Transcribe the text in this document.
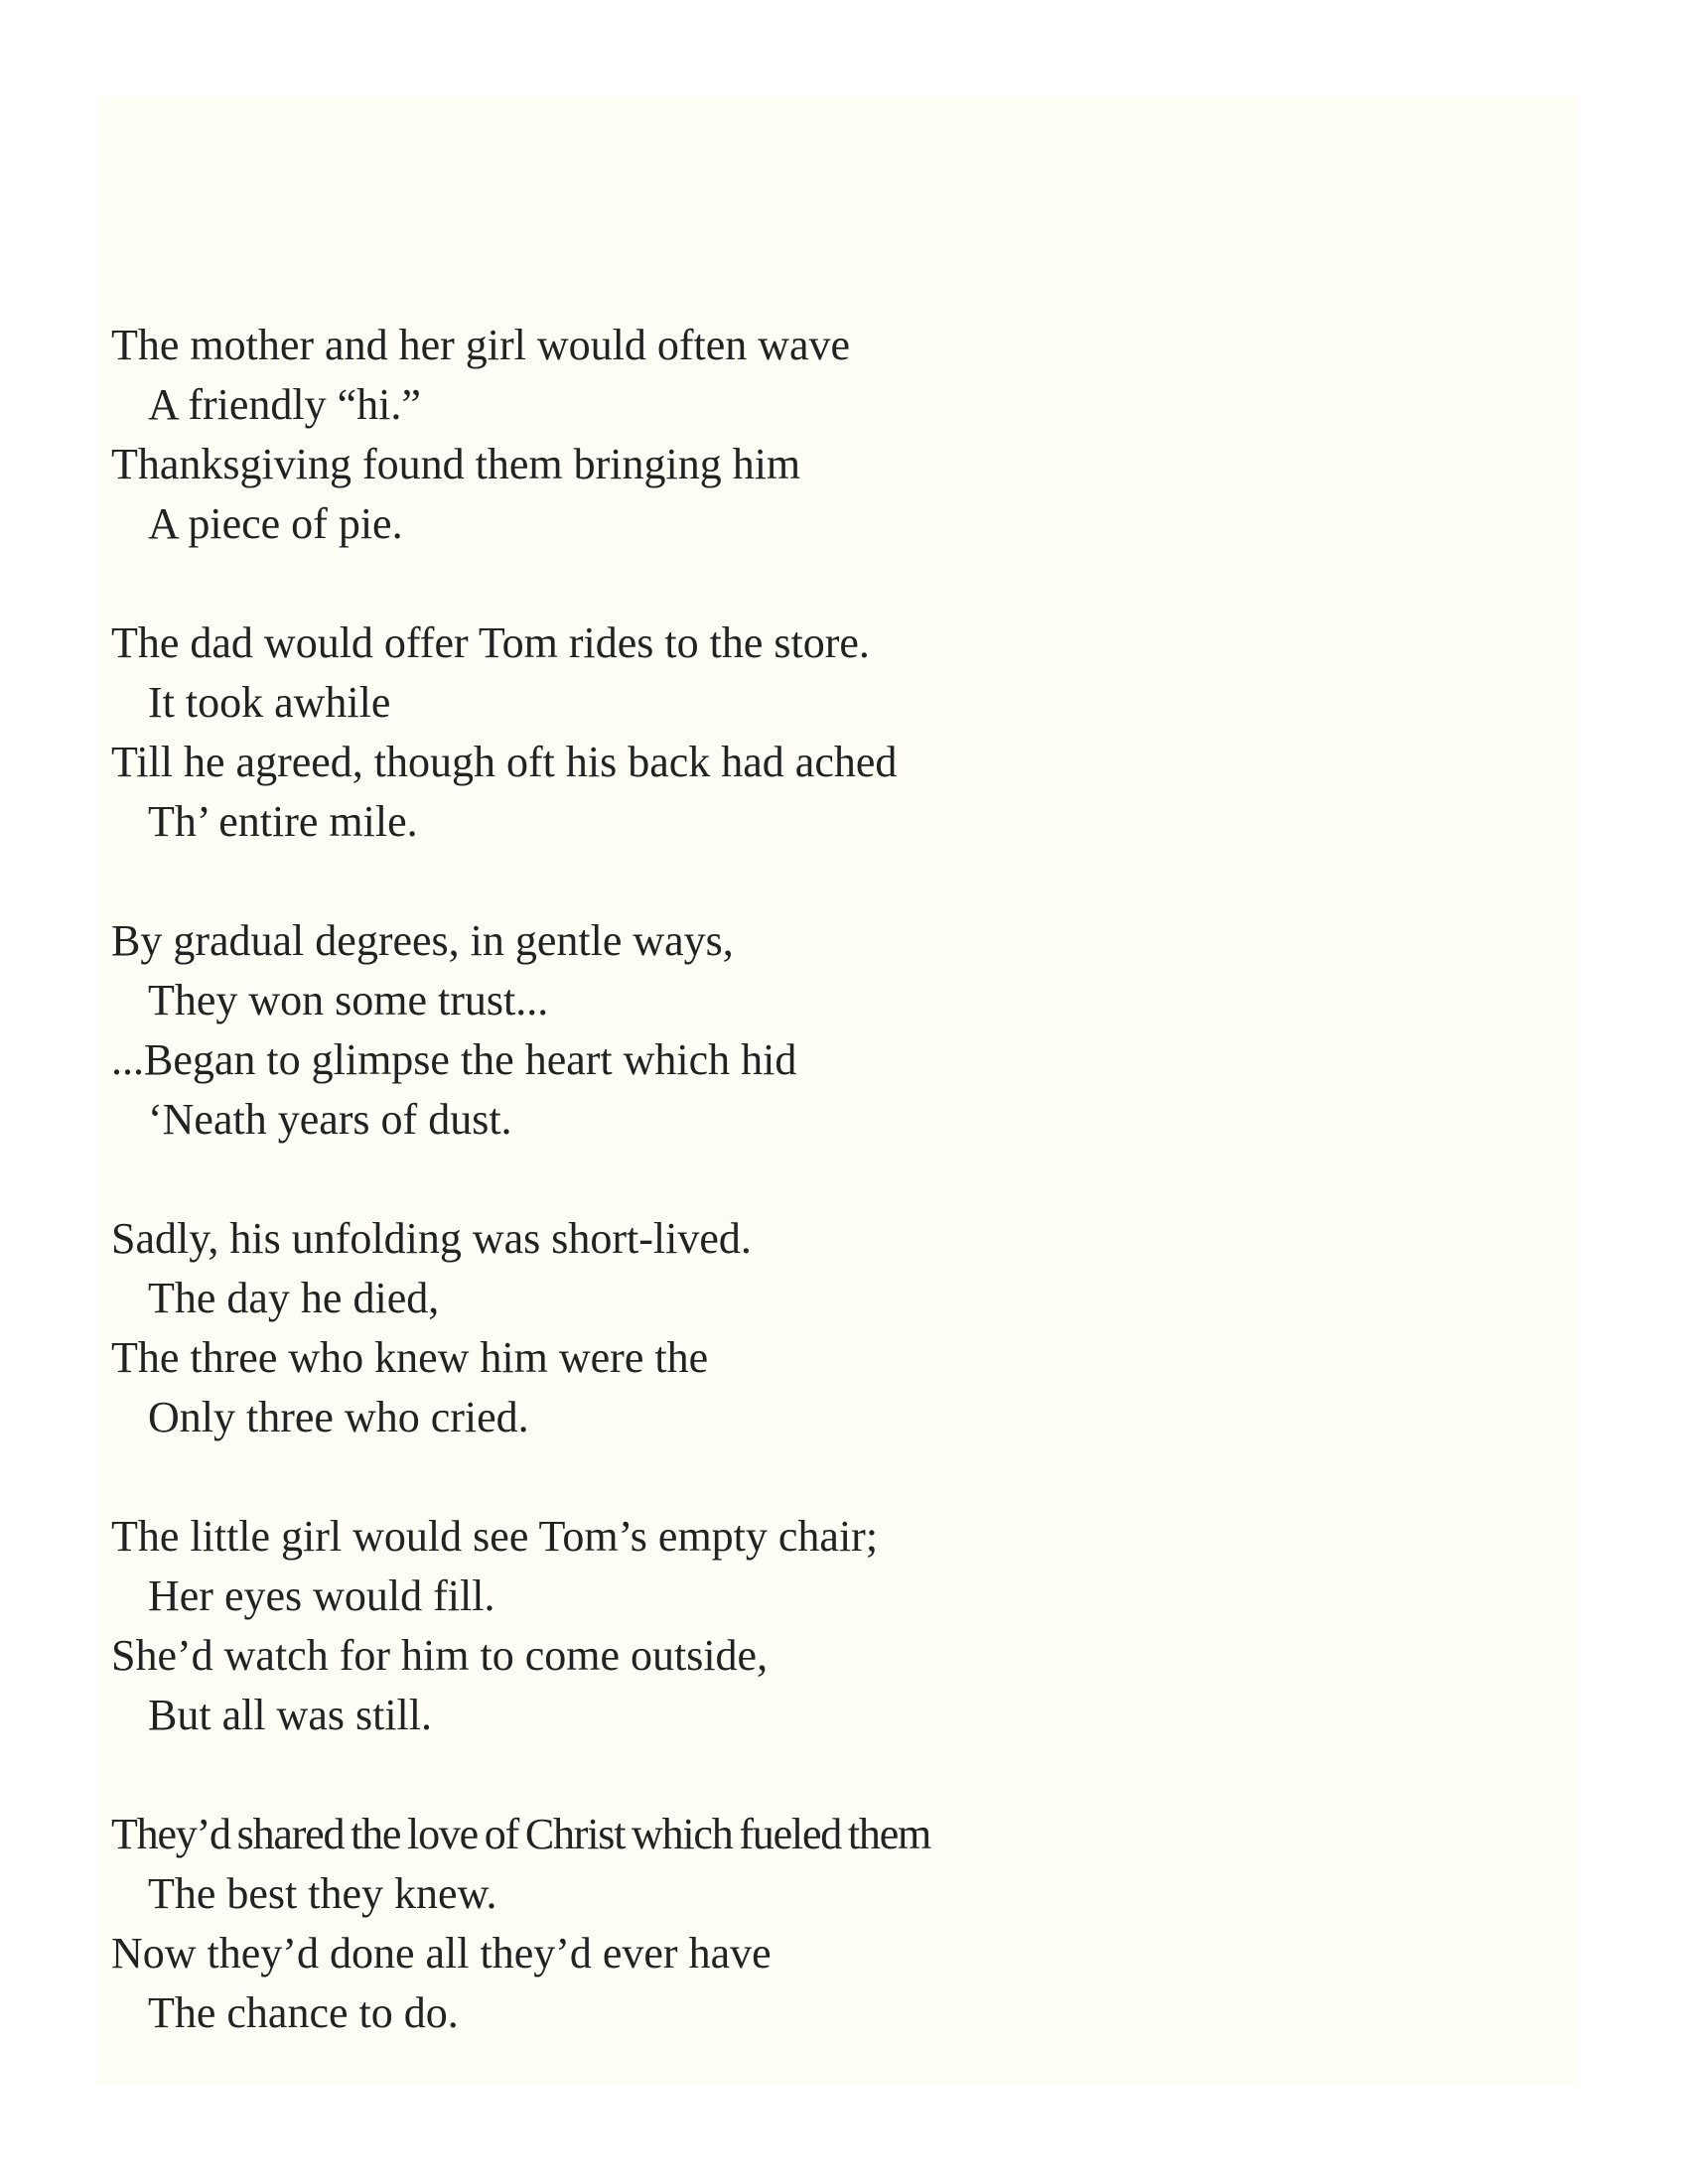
The mother and her girl would often wave
A friendly “hi.”
Thanksgiving found them bringing him
A piece of pie.
The dad would offer Tom rides to the store.
It took awhile
Till he agreed, though oft his back had ached
Th’ entire mile.
By gradual degrees, in gentle ways,
They won some trust...
...Began to glimpse the heart which hid
‘Neath years of dust.
Sadly, his unfolding was short-lived.
The day he died,
The three who knew him were the
Only three who cried.
The little girl would see Tom’s empty chair;
Her eyes would fill.
She’d watch for him to come outside,
But all was still.
They’d shared the love of Christ which fueled them
The best they knew.
Now they’d done all they’d ever have
The chance to do.
